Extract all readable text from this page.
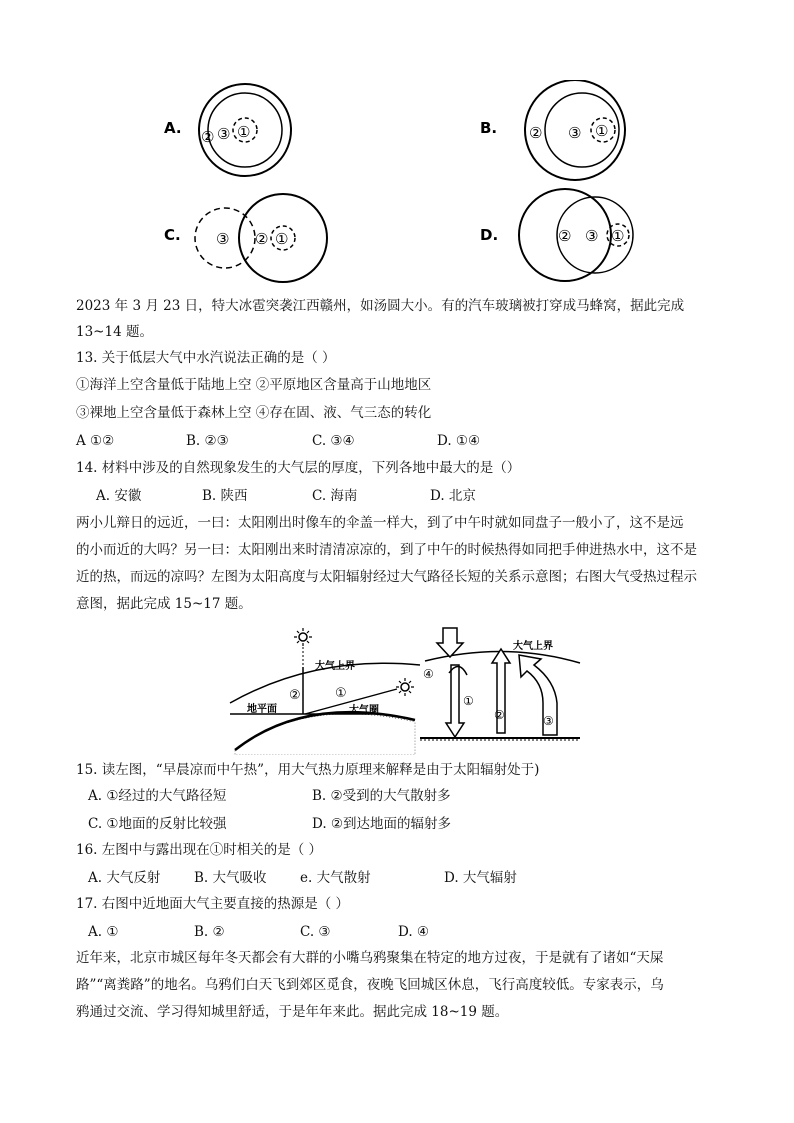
A. ② ③ ①	B. ② ③ ①
C. ③ ② ①	D.	② ③ ①
2023 年 3 月 23 日，特大冰雹突袭江西赣州，如汤圆大小。有的汽车玻璃被打穿成马蜂窝，据此完成
13~14 题。
13. 关于低层大气中水汽说法正确的是（ ）
①海洋上空含量低于陆地上空 ②平原地区含量高于山地地区
③裸地上空含量低于森林上空 ④存在固、液、气三态的转化
A ①②	B. ②③	C. ③④	D. ①④
14. 材料中涉及的自然现象发生的大气层的厚度，下列各地中最大的是（）
A. 安徽	B. 陕西	C. 海南	D. 北京
两小儿辩日的远近，一曰：太阳刚出时像车的伞盖一样大，到了中午时就如同盘子一般小了，这不是远
的小而近的大吗？另一曰：太阳刚出来时清清凉凉的，到了中午的时候热得如同把手伸进热水中，这不是
近的热，而远的凉吗？左图为太阳高度与太阳辐射经过大气路径长短的关系示意图；右图大气受热过程示
意图，据此完成 15~17 题。
大气上界
②	①
地平面	大气圈
④
①
②	③
大气上界
15. 读左图，“早晨凉而中午热”，用大气热力原理来解释是由于太阳辐射处于)
A. ①经过的大气路径短	B. ②受到的大气散射多
C. ①地面的反射比较强	D. ②到达地面的辐射多
16. 左图中与露出现在①时相关的是（ ）
A. 大气反射 B. 大气吸收 e. 大气散射	D. 大气辐射
17. 右图中近地面大气主要直接的热源是（ ）
A. ①	B. ②	C. ③	D. ④
近年来，北京市城区每年冬天都会有大群的小嘴乌鸦聚集在特定的地方过夜，于是就有了诸如“天屎
路”“离粪路”的地名。乌鸦们白天飞到郊区觅食，夜晚飞回城区休息，飞行高度较低。专家表示，乌
鸦通过交流、学习得知城里舒适，于是年年来此。据此完成 18~19 题。
